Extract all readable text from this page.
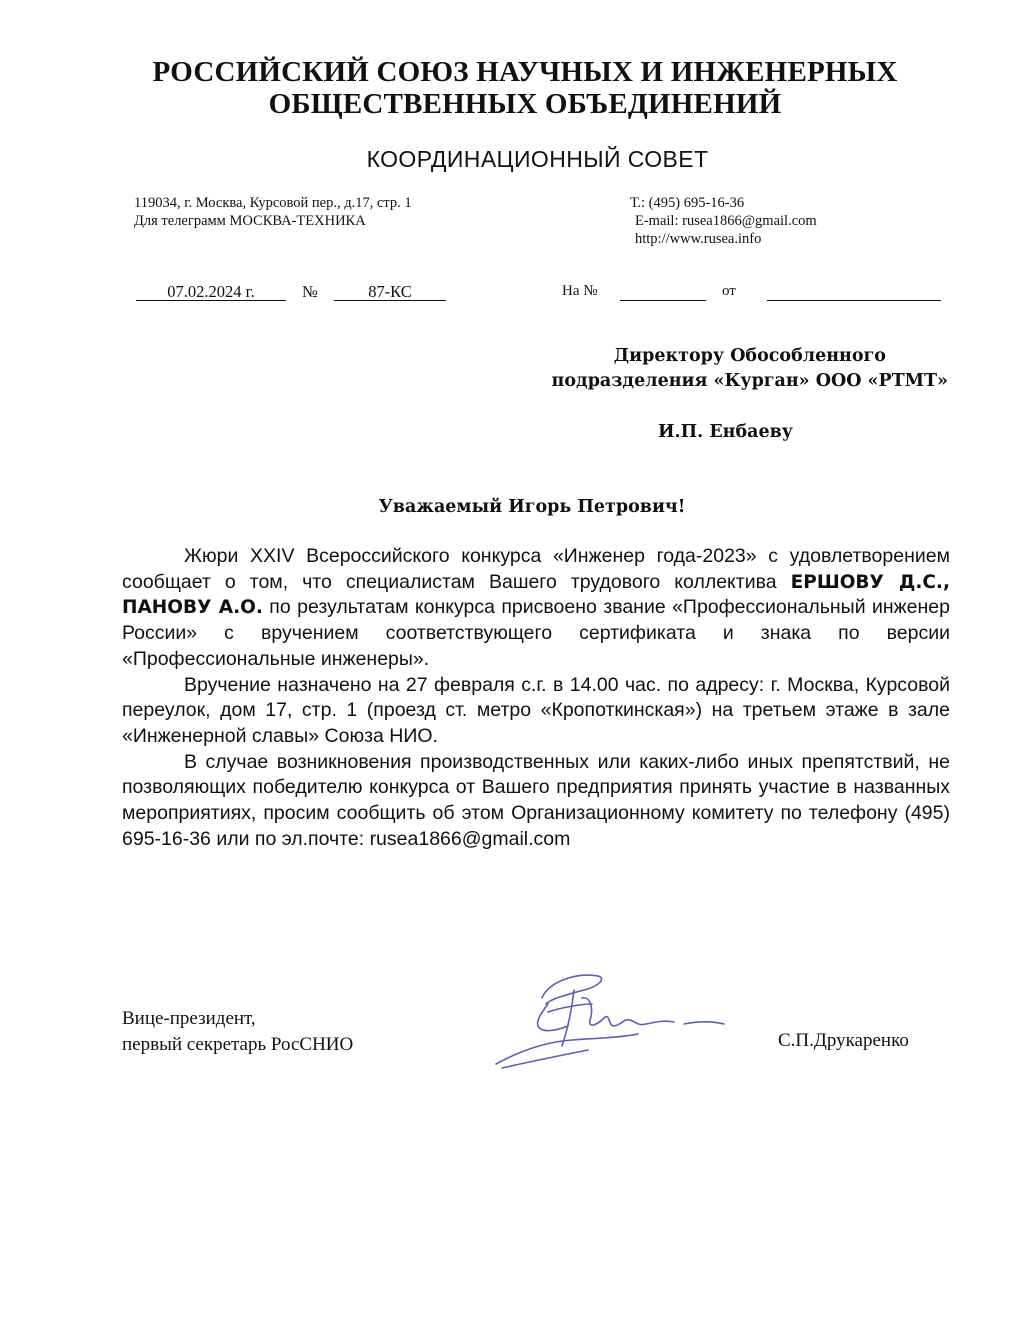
РОССИЙСКИЙ СОЮЗ НАУЧНЫХ И ИНЖЕНЕРНЫХ
ОБЩЕСТВЕННЫХ ОБЪЕДИНЕНИЙ
КООРДИНАЦИОННЫЙ СОВЕТ
119034, г. Москва, Курсовой пер., д.17, стр. 1
Для телеграмм МОСКВА-ТЕХНИКА
Т.: (495) 695-16-36
E-mail: rusea1866@gmail.com
http://www.rusea.info
07.02.2024 г.	№	87-КС	На №	от
Директору Обособленного
подразделения «Курган» ООО «РТМТ»
И.П. Енбаеву
Уважаемый Игорь Петрович!

Жюри XXIV Всероссийского конкурса «Инженер года-2023» с удовлетворением сообщает о том, что специалистам Вашего трудового коллектива ЕРШОВУ Д.С., ПАНОВУ А.О. по результатам конкурса присвоено звание «Профессиональный инженер России» с вручением соответствующего сертификата и знака по версии «Профессиональные инженеры».

Вручение назначено на 27 февраля с.г. в 14.00 час. по адресу: г. Москва, Курсовой переулок, дом 17, стр. 1 (проезд ст. метро «Кропоткинская») на третьем этаже в зале «Инженерной славы» Союза НИО.

В случае возникновения производственных или каких-либо иных препятствий, не позволяющих победителю конкурса от Вашего предприятия принять участие в названных мероприятиях, просим сообщить об этом Организационному комитету по телефону (495) 695-16-36 или по эл.почте: rusea1866@gmail.com

Вице-президент,
первый секретарь РосСНИО	С.П.Друкаренко
